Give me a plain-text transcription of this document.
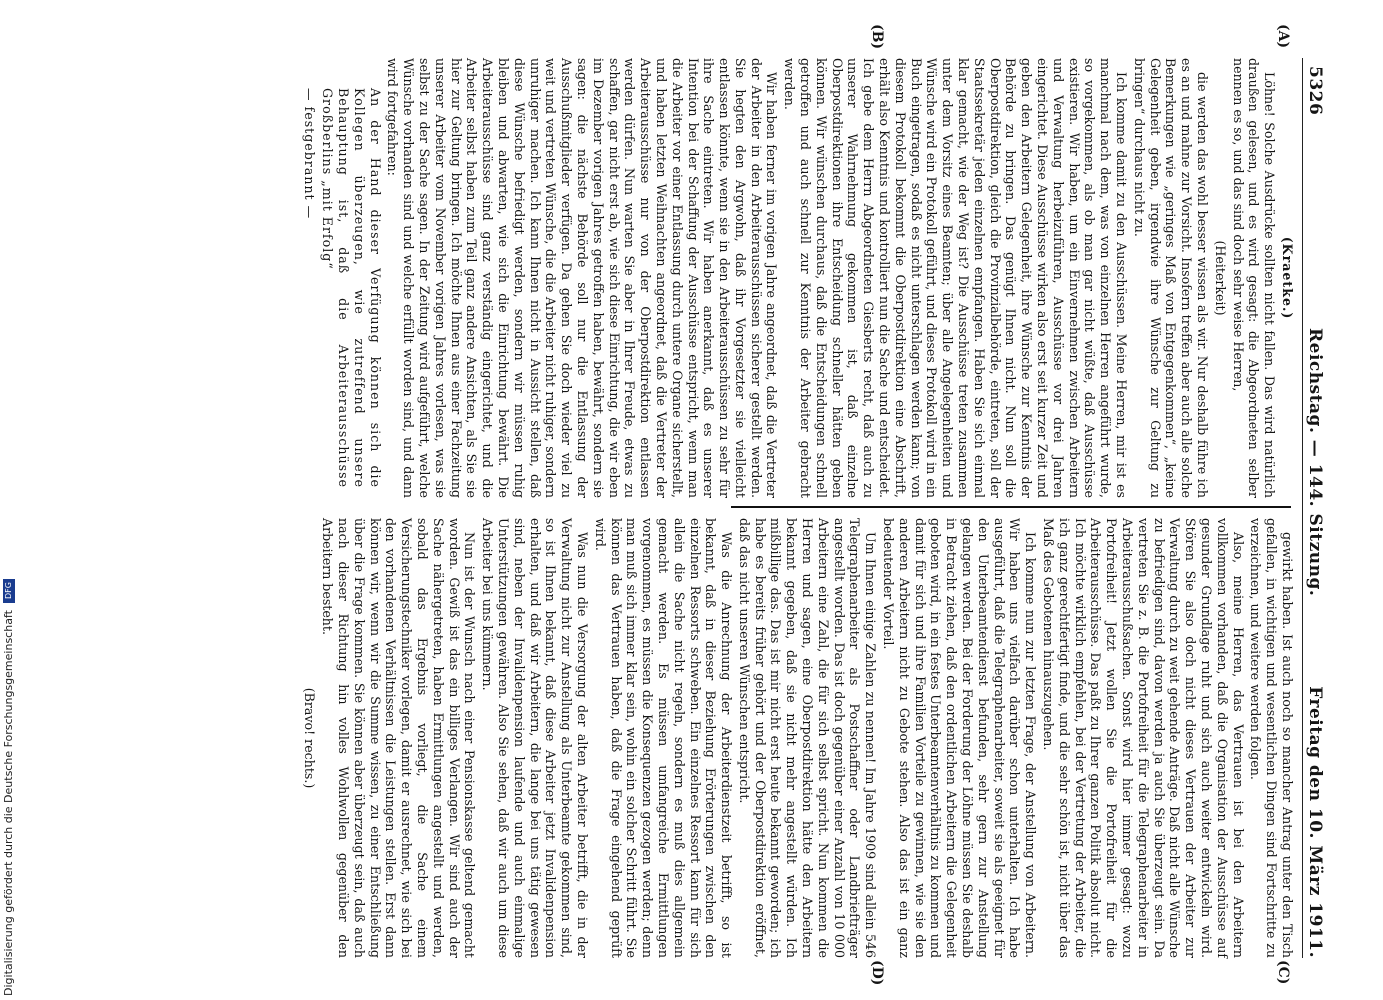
5326
Reichstag. — 144. Sitzung.
Freitag den 10. März 1911.

(Kraetke.)

Löhne! Solche Ausdrücke sollten nicht fallen. Das wird natürlich draußen gelesen, und es wird gesagt: die Abgeordneten selber nennen es so, und das sind doch sehr weise Herren,

(Heiterkeit)

die werden das wohl besser wissen als wir. Nur deshalb führe ich es an und mahne zur Vorsicht. Insofern treffen aber auch alle solche Bemerkungen wie „geringes Maß von Entgegenkommen“, „keine Gelegenheit geben, irgendwie ihre Wünsche zur Geltung zu bringen“ durchaus nicht zu.

Ich komme damit zu den Ausschüssen. Meine Herren, mir ist es manchmal nach dem, was von einzelnen Herren angeführt wurde, so vorgekommen, als ob man gar nicht wüßte, daß Ausschüsse existieren. Wir haben, um ein Einvernehmen zwischen Arbeitern und Verwaltung herbeizuführen, Ausschüsse vor drei Jahren eingerichtet. Diese Ausschüsse wirken also erst seit kurzer Zeit und geben den Arbeitern Gelegenheit, ihre Wünsche zur Kenntnis der Behörde zu bringen. Das genügt Ihnen nicht. Nun soll die Oberpostdirektion, gleich die Provinzialbehörde, eintreten, soll der Staatssekretär jeden einzelnen empfangen. Haben Sie sich einmal klar gemacht, wie der Weg ist? Die Ausschüsse treten zusammen unter dem Vorsitz eines Beamten; über alle Angelegenheiten und Wünsche wird ein Protokoll geführt, und dieses Protokoll wird in ein Buch eingetragen, sodaß es nicht unterschlagen werden kann; von diesem Protokoll bekommt die Oberpostdirektion eine Abschrift, erhält also Kenntnis und kontrolliert nun die Sache und entscheidet. Ich gebe dem Herrn Abgeordneten Giesberts recht, daß auch zu unserer Wahrnehmung gekommen ist, daß einzelne Oberpostdirektionen ihre Entscheidung schneller hätten geben können. Wir wünschen durchaus, daß die Entscheidungen schnell getroffen und auch schnell zur Kenntnis der Arbeiter gebracht werden.

Wir haben ferner im vorigen Jahre angeordnet, daß die Vertreter der Arbeiter in den Arbeiterausschüssen sicherer gestellt werden. Sie hegten den Argwohn, daß ihr Vorgesetzter sie vielleicht entlassen könnte, wenn sie in den Arbeiterausschüssen zu sehr für ihre Sache eintreten. Wir haben anerkannt, daß es unserer Intention bei der Schaffung der Ausschüsse entspricht, wenn man die Arbeiter vor einer Entlassung durch untere Organe sicherstellt, und haben letzten Weihnachten angeordnet, daß die Vertreter der Arbeiterausschüsse nur von der Oberpostdirektion entlassen werden dürfen. Nun warten Sie aber in Ihrer Freude, etwas zu schaffen, gar nicht erst ab, wie sich diese Einrichtung, die wir eben im Dezember vorigen Jahres getroffen haben, bewährt, sondern sie sagen: die nächste Behörde soll nur die Entlassung der Ausschußmitglieder verfügen. Da gehen Sie doch wieder viel zu weit und vertreten Wünsche, die die Arbeiter nicht ruhiger, sondern unruhiger machen. Ich kann Ihnen nicht in Aussicht stellen, daß diese Wünsche befriedigt werden, sondern wir müssen ruhig bleiben und abwarten, wie sich die Einrichtung bewährt. Die Arbeiterausschüsse sind ganz verständig eingerichtet, und die Arbeiter selbst haben zum Teil ganz andere Ansichten, als Sie sie hier zur Geltung bringen. Ich möchte Ihnen aus einer Fachzeitung unserer Arbeiter vom November vorigen Jahres vorlesen, was sie selbst zu der Sache sagen. In der Zeitung wird aufgeführt, welche Wünsche vorhanden sind und welche erfüllt worden sind, und dann wird fortgefahren:

An der Hand dieser Verfügung können sich die Kollegen überzeugen, wie zutreffend unsere Behauptung ist, daß die Arbeiterausschüsse Großberlins „mit Erfolg“

— festgebrannt —

gewirkt haben. Ist auch noch so mancher Antrag unter den Tisch gefallen, in wichtigen und wesentlichen Dingen sind Fortschritte zu verzeichnen, und weitere werden folgen.

Also, meine Herren, das Vertrauen ist bei den Arbeitern vollkommen vorhanden, daß die Organisation der Ausschüsse auf gesunder Grundlage ruht und sich auch weiter entwickeln wird. Stören Sie also doch nicht dieses Vertrauen der Arbeiter zur Verwaltung durch zu weit gehende Anträge. Daß nicht alle Wünsche zu befriedigen sind, davon werden ja auch Sie überzeugt sein. Da vertreten Sie z. B. die Portofreiheit für die Telegraphenarbeiter in Arbeiterausschußsachen. Sonst wird hier immer gesagt: wozu Portofreiheit! Jetzt wollen Sie die Portofreiheit für die Arbeiterausschüsse. Das paßt zu Ihrer ganzen Politik absolut nicht. Ich möchte wirklich empfehlen, bei der Vertretung der Arbeiter, die ich ganz gerechtfertigt finde, und die sehr schön ist, nicht über das Maß des Gebotenen hinauszugehen.

Ich komme nun zur letzten Frage, der Anstellung von Arbeitern. Wir haben uns vielfach darüber schon unterhalten. Ich habe ausgeführt, daß die Telegraphenarbeiter, soweit sie als geeignet für den Unterbeamtendienst befunden, sehr gern zur Anstellung gelangen werden. Bei der Forderung der Löhne müssen Sie deshalb in Betracht ziehen, daß den ordentlichen Arbeitern die Gelegenheit geboten wird, in ein festes Unterbeamtenverhältnis zu kommen und damit für sich und ihre Familien Vorteile zu gewinnen, wie sie den anderen Arbeitern nicht zu Gebote stehen. Also das ist ein ganz bedeutender Vorteil.

Um Ihnen einige Zahlen zu nennen! Im Jahre 1909 sind allein 546 Telegraphenarbeiter als Postschaffner oder Landbriefträger angestellt worden. Das ist doch gegenüber einer Anzahl von 10 000 Arbeitern eine Zahl, die für sich selbst spricht. Nun kommen die Herren und sagen, eine Oberpostdirektion hätte den Arbeitern bekannt gegeben, daß sie nicht mehr angestellt würden. Ich mißbillige das. Das ist mir nicht erst heute bekannt geworden; ich habe es bereits früher gehört und der Oberpostdirektion eröffnet, daß das nicht unseren Wünschen entspricht.

Was die Anrechnung der Arbeiterdienstzeit betrifft, so ist bekannt, daß in dieser Beziehung Erörterungen zwischen den einzelnen Ressorts schweben. Ein einzelnes Ressort kann für sich allein die Sache nicht regeln, sondern es muß dies allgemein gemacht werden. Es müssen umfangreiche Ermittlungen vorgenommen, es müssen die Konsequenzen gezogen werden; denn man muß sich immer klar sein, wohin ein solcher Schritt führt. Sie können das Vertrauen haben, daß die Frage eingehend geprüft wird.

Was nun die Versorgung der alten Arbeiter betrifft, die in der Verwaltung nicht zur Anstellung als Unterbeamte gekommen sind, so ist Ihnen bekannt, daß diese Arbeiter jetzt Invalidenpension erhalten, und daß wir Arbeitern, die lange bei uns tätig gewesen sind, neben der Invalidenpension laufende und auch einmalige Unterstützungen gewähren. Also Sie sehen, daß wir auch um diese Arbeiter bei uns kümmern.

Nun ist der Wunsch nach einer Pensionskasse geltend gemacht worden. Gewiß ist das ein billiges Verlangen. Wir sind auch der Sache nähergetreten, haben Ermittlungen angestellt und werden, sobald das Ergebnis vorliegt, die Sache einem Versicherungstechniker vorlegen, damit er ausrechnet, wie sich bei den vorhandenen Verhältnissen die Leistungen stellen. Erst dann können wir, wenn wir die Summe wissen, zu einer Entschließung über die Frage kommen. Sie können aber überzeugt sein, daß auch nach dieser Richtung hin volles Wohlwollen gegenüber den Arbeitern besteht.

(Bravo! rechts.)

(A)
(B)
(C)
(D)
Digitalisierung gefördert durch die Deutsche Forschungsgemeinschaft DFG
